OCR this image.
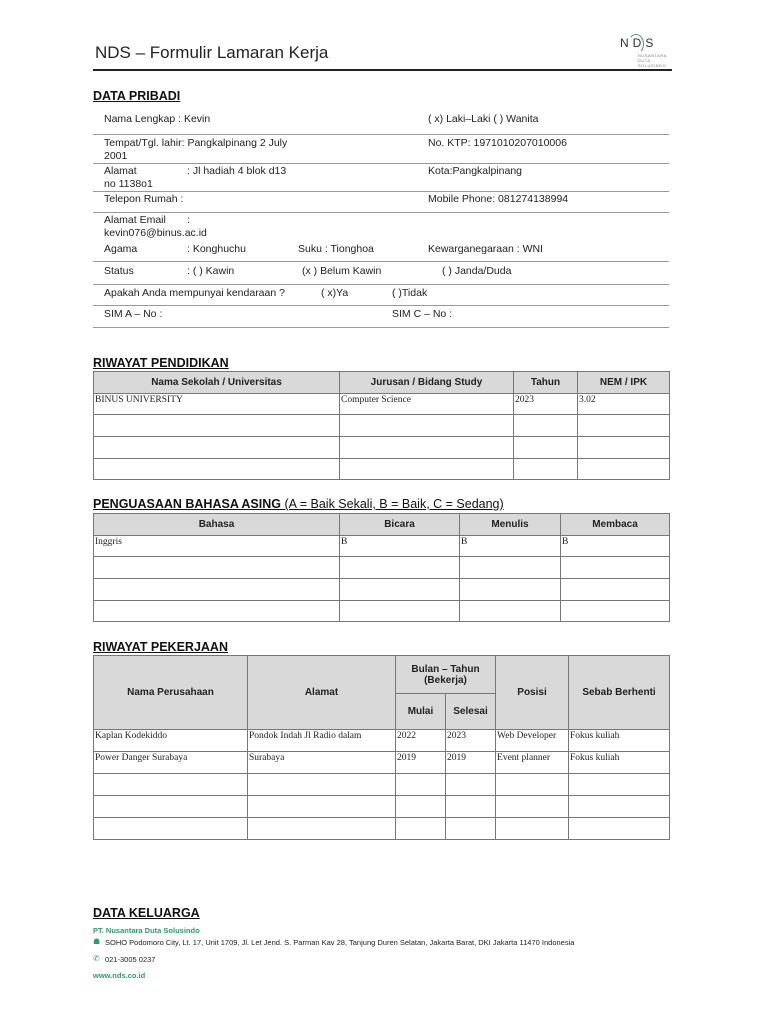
NDS – Formulir Lamaran Kerja	NDS
NUSANTARA
DUTA
SOLUSINDO
DATA PRIBADI
Nama Lengkap : Kevin	( x) Laki–Laki ( ) Wanita
Tempat/Tgl. lahir: Pangkalpinang 2 July
2001
No. KTP: 1971010207010006
Alamat	: Jl hadiah 4 blok d13
no 1138o1
Kota:Pangkalpinang
Telepon Rumah :	Mobile Phone: 081274138994
Alamat Email :
kevin076@binus.ac.id
Agama	: Konghuchu	Suku : Tionghoa	Kewarganegaraan : WNI
Status	: ( ) Kawin	(x ) Belum Kawin	( ) Janda/Duda
Apakah Anda mempunyai kendaraan ?	( x)Ya	( )Tidak
SIM A – No :	SIM C – No :
RIWAYAT PENDIDIKAN
Nama Sekolah / Universitas	Jurusan / Bidang Study	Tahun	NEM / IPK
BINUS UNIVERSITY	Computer Science	2023	3.02

PENGUASAAN BAHASA ASING (A = Baik Sekali, B = Baik, C = Sedang)
Bahasa	Bicara	Menulis	Membaca
Inggris	B	B	B

RIWAYAT PEKERJAAN
Nama Perusahaan	Alamat	Bulan – Tahun (Bekerja)		Posisi	Sebab Berhenti
		Mulai	Selesai		
Kaplan Kodekiddo	Pondok Indah Jl Radio dalam	2022	2023	Web Developer	Fokus kuliah
Power Danger Surabaya	Surabaya	2019	2019	Event planner	Fokus kuliah

DATA KELUARGA
PT. Nusantara Duta Solusindo
☗ SOHO Podomoro City, Lt. 17, Unit 1709, Jl. Let Jend. S. Parman Kav 28, Tanjung Duren Selatan, Jakarta Barat, DKI Jakarta 11470 Indonesia
✆ 021-3005 0237
www.nds.co.id
